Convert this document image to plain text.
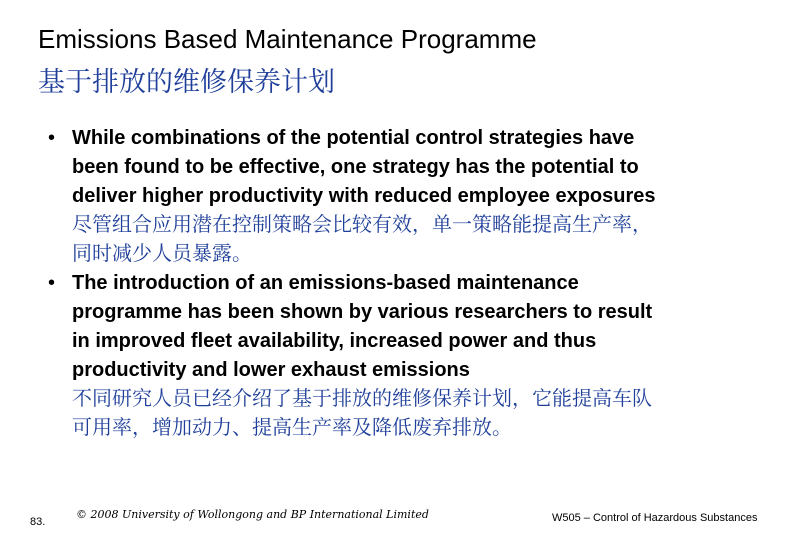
Emissions Based Maintenance Programme
基于排放的维修保养计划
• While combinations of the potential control strategies have
been found to be effective, one strategy has the potential to
deliver higher productivity with reduced employee exposures
尽管组合应用潜在控制策略会比较有效，单一策略能提高生产率，
同时减少人员暴露。
• The introduction of an emissions‑based maintenance
programme has been shown by various researchers to result
in improved fleet availability, increased power and thus
productivity and lower exhaust emissions
不同研究人员已经介绍了基于排放的维修保养计划，它能提高车队
可用率，增加动力、提高生产率及降低废弃排放。
83.
© 2008 University of Wollongong and BP International Limited	W505 – Control of Hazardous Substances
